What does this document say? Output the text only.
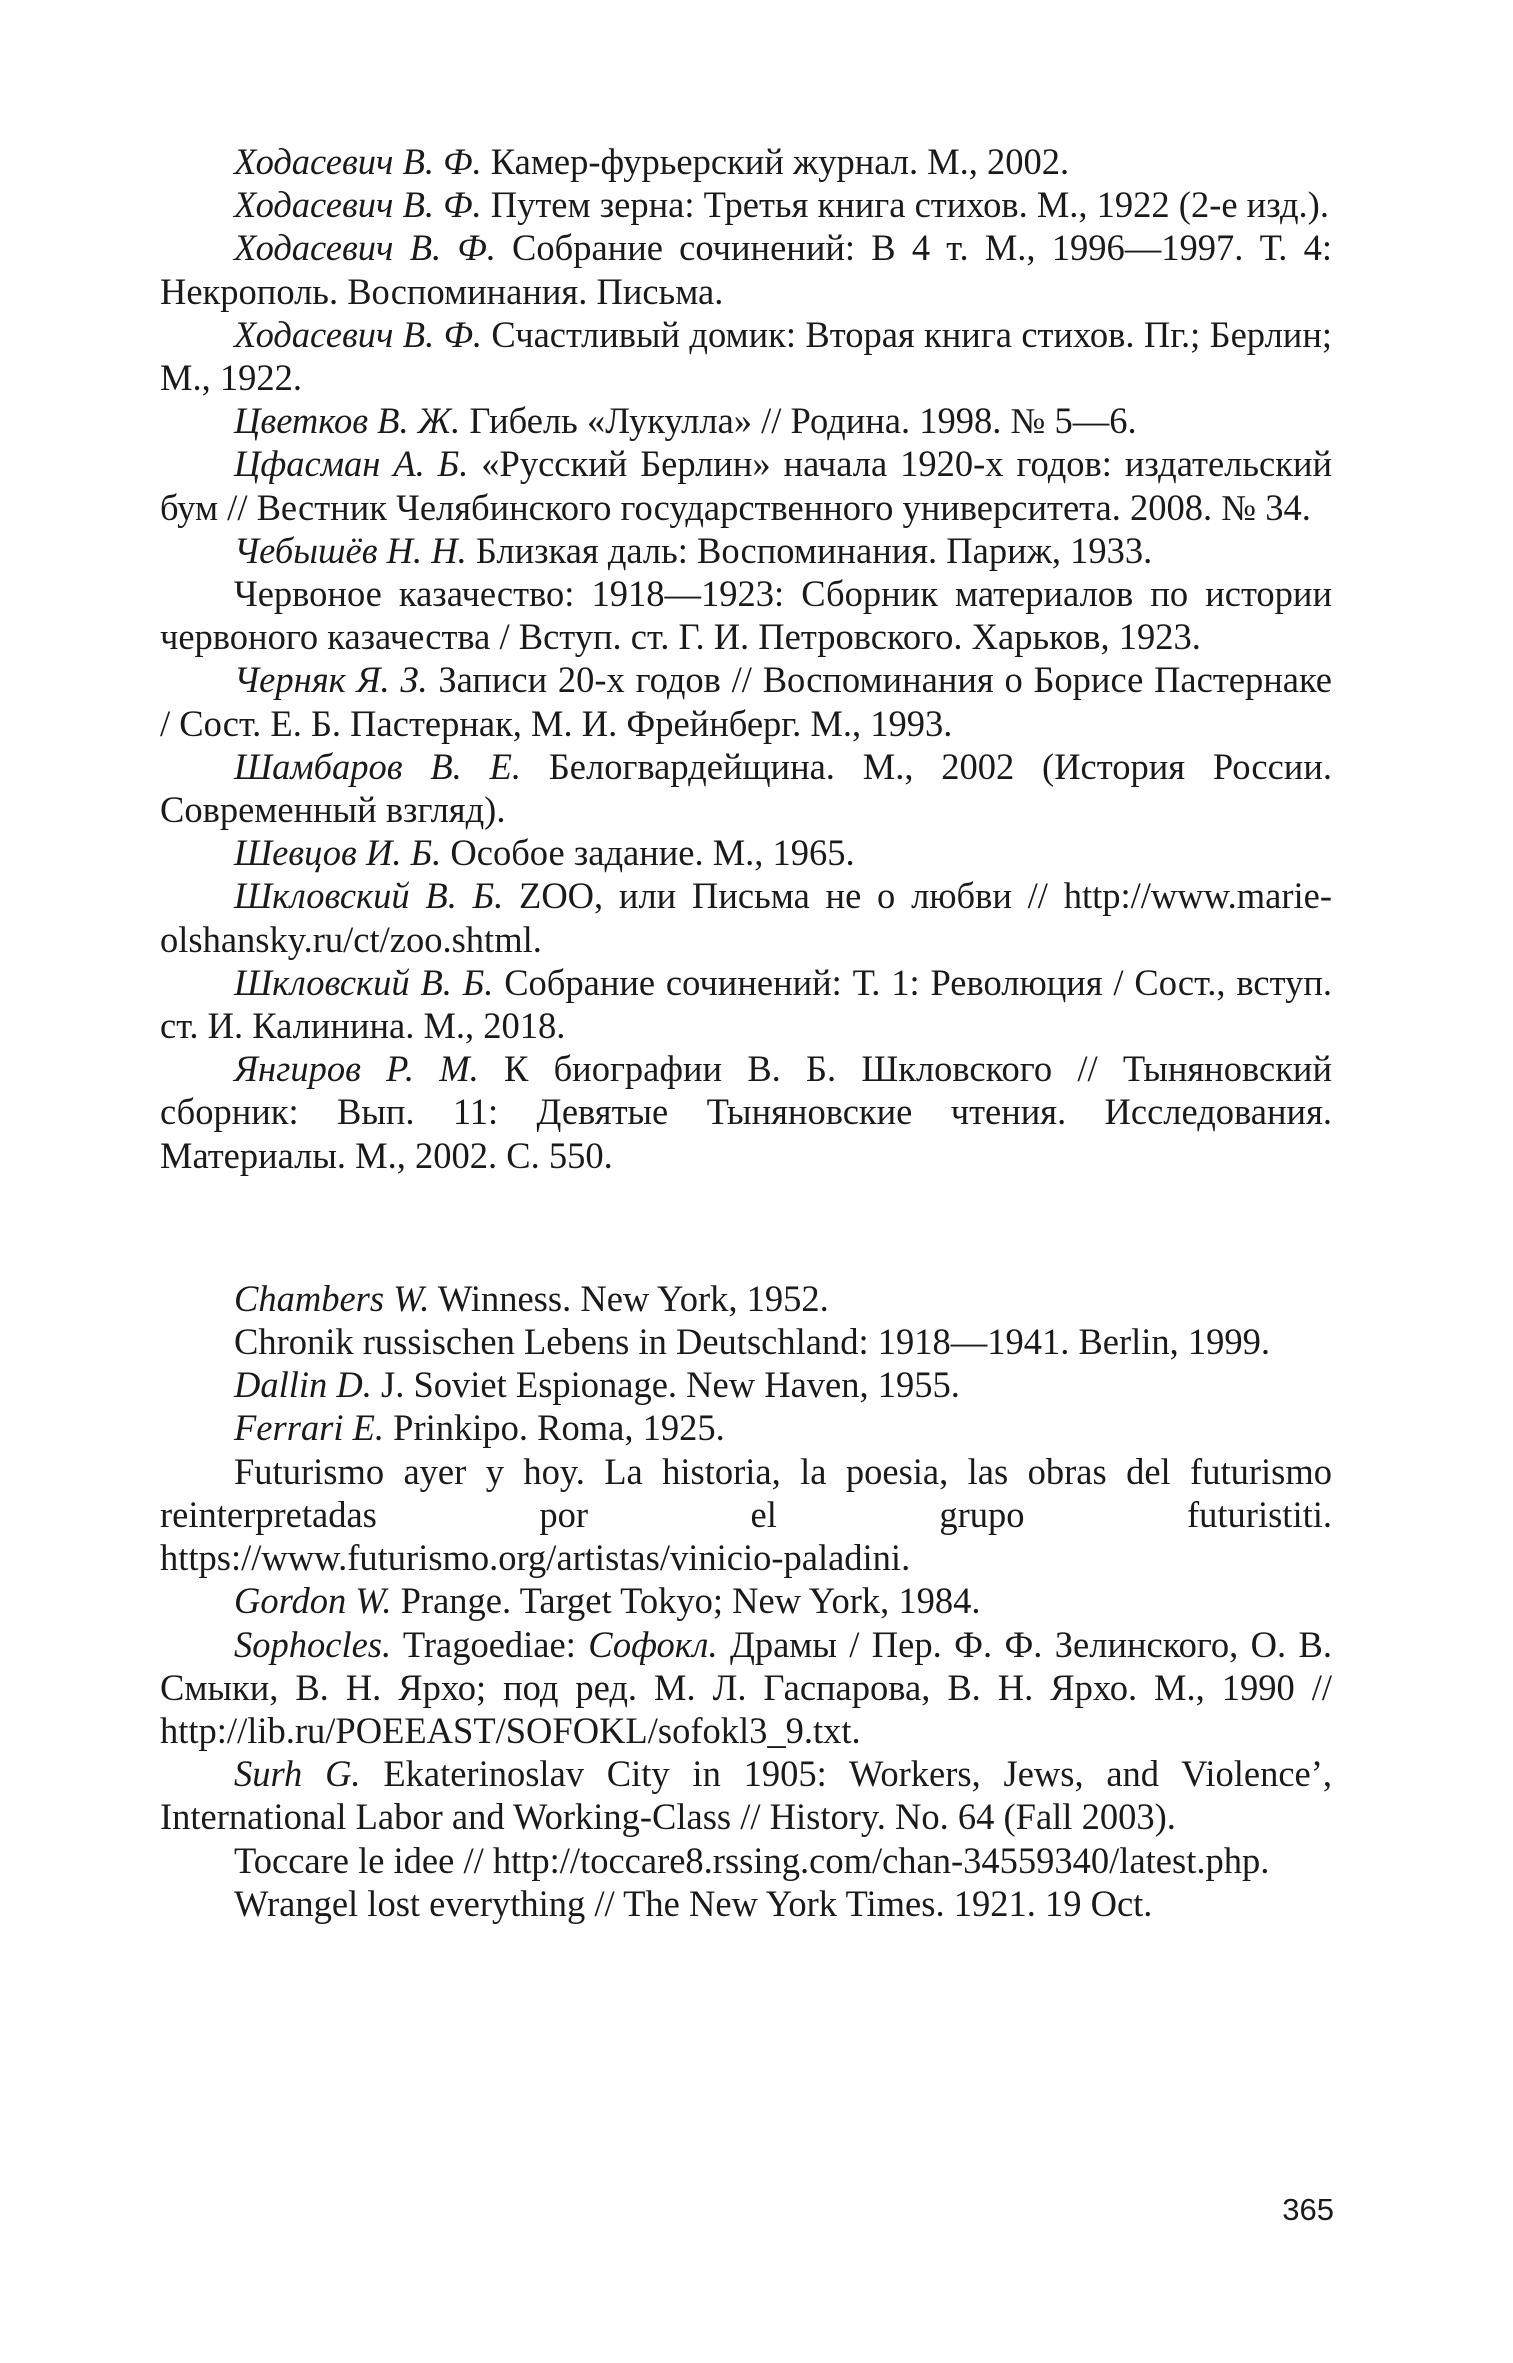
Ходасевич В. Ф. Камер-фурьерский журнал. М., 2002.

Ходасевич В. Ф. Путем зерна: Третья книга стихов. М., 1922 (2-е изд.).

Ходасевич В. Ф. Собрание сочинений: В 4 т. М., 1996—1997. Т. 4: Некрополь. Воспоминания. Письма.

Ходасевич В. Ф. Счастливый домик: Вторая книга стихов. Пг.; Берлин; М., 1922.

Цветков В. Ж. Гибель «Лукулла» // Родина. 1998. № 5—6.

Цфасман А. Б. «Русский Берлин» начала 1920-х годов: издательский бум // Вестник Челябинского государственного университета. 2008. № 34.

Чебышёв Н. Н. Близкая даль: Воспоминания. Париж, 1933.

Червоное казачество: 1918—1923: Сборник материалов по истории червоного казачества / Вступ. ст. Г. И. Петровского. Харьков, 1923.

Черняк Я. З. Записи 20-х годов // Воспоминания о Борисе Пастернаке / Сост. Е. Б. Пастернак, М. И. Фрейнберг. М., 1993.

Шамбаров В. Е. Белогвардейщина. М., 2002 (История России. Современный взгляд).

Шевцов И. Б. Особое задание. М., 1965.

Шкловский В. Б. ZOO, или Письма не о любви // http://www.marie-olshansky.ru/ct/zoo.shtml.

Шкловский В. Б. Собрание сочинений: Т. 1: Революция / Сост., вступ. ст. И. Калинина. М., 2018.

Янгиров Р. М. К биографии В. Б. Шкловского // Тыняновский сборник: Вып. 11: Девятые Тыняновские чтения. Исследования. Материалы. М., 2002. С. 550.

Chambers W. Winness. New York, 1952.

Chronik russischen Lebens in Deutschland: 1918—1941. Berlin, 1999.

Dallin D. J. Soviet Espionage. New Haven, 1955.

Ferrari E. Prinkipo. Roma, 1925.

Futurismo ayer y hoy. La historia, la poesia, las obras del futurismo reinterpretadas por el grupo futuristiti. https://www.futurismo.org/artistas/vinicio-paladini.

Gordon W. Prange. Target Tokyo; New York, 1984.

Sophocles. Tragoediae: Софокл. Драмы / Пер. Ф. Ф. Зелинского, О. В. Смыки, В. Н. Ярхо; под ред. М. Л. Гаспарова, В. Н. Ярхо. М., 1990 // http://lib.ru/POEEAST/SOFOKL/sofokl3_9.txt.

Surh G. Ekaterinoslav City in 1905: Workers, Jews, and Violence’, International Labor and Working-Class // History. No. 64 (Fall 2003).

Toccare le idee // http://toccare8.rssing.com/chan-34559340/latest.php.

Wrangel lost everything // The New York Times. 1921. 19 Oct.

365
